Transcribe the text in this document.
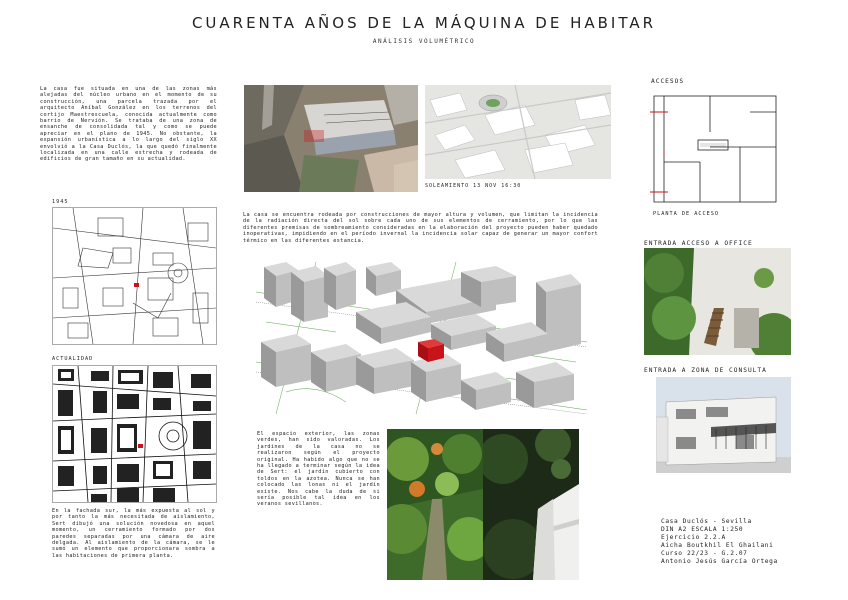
CUARENTA AÑOS DE LA MÁQUINA DE HABITAR
ANÁLISIS VOLUMÉTRICO
La casa fue situada en una de las zonas más alejadas del núcleo urbano en el momento de su construcción, una parcela trazada por el arquitecto Aníbal González en los terrenos del cortijo Maestrescuela, conocida actualmente como barrio de Nervión. Se trataba de una zona de ensanche de consolidada tal y como se puede apreciar en el plano de 1945. No obstante, la expansión urbanística a lo largo del siglo XX envolvió a la Casa Duclós, la que quedó finalmente localizada en una calle estrecha y rodeada de edificios de gran tamaño en su actualidad.
1945
ACTUALIDAD
En la fachada sur, la más expuesta al sol y por tanto la más necesitada de aislamiento, Sert dibujó una solución novedosa en aquel momento, un cerramiento formado por dos paredes separadas por una cámara de aire delgada. Al aislamiento de la cámara, se le sumó un elemento que proporcionara sombra a las habitaciones de primera planta.
SOLEAMIENTO 13 NOV 16:30
La casa se encuentra rodeada por construcciones de mayor altura y volumen, que limitan la incidencia de la radiación directa del sol sobre cada uno de sus elementos de cerramiento, por lo que las diferentes premisas de sombreamiento consideradas en la elaboración del proyecto pueden haber quedado inoperativas, impidiendo en el período invernal la incidencia solar capaz de generar un mayor confort térmico en las diferentes estancia.
El espacio exterior, las zonas verdes, han sido valoradas. Los jardines de la casa no se realizaron según el proyecto original. Ha habido algo que no se ha llegado a terminar según la idea de Sert: el jardín cubierto con toldos en la azotea. Nunca se han colocado las lonas ni el jardín existe. Nos cabe la duda de si sería posible tal idea en los veranos sevillanos.
ACCESOS
PLANTA DE ACCESO
ENTRADA ACCESO A OFFICE
ENTRADA A ZONA DE CONSULTA
Casa Duclós - Sevilla
DIN A2 ESCALA 1:250
Ejercicio 2.2.A
Aicha Boutkhil El Ghailani
Curso 22/23 - G.2.07
Antonio Jesús García Ortega
